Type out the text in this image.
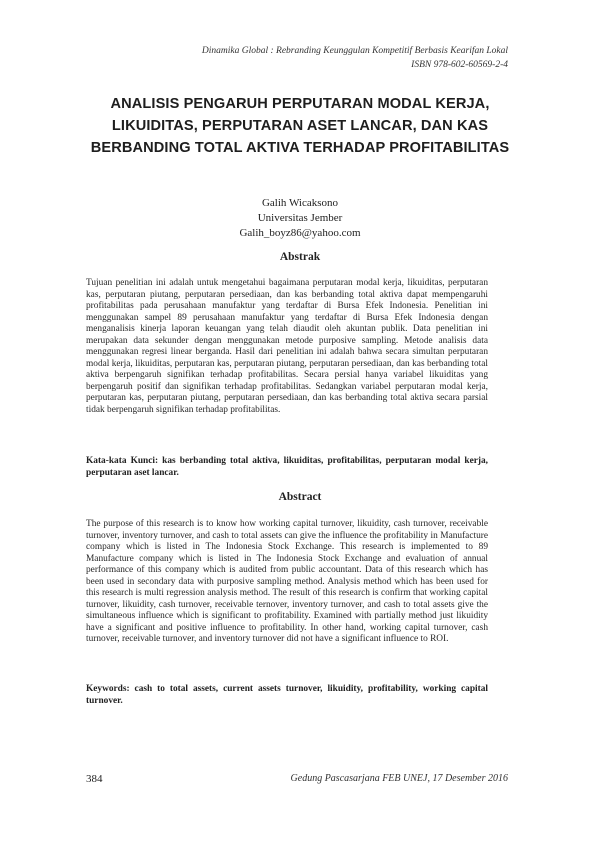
Dinamika Global : Rebranding Keunggulan Kompetitif Berbasis Kearifan Lokal
ISBN 978-602-60569-2-4
ANALISIS PENGARUH PERPUTARAN MODAL KERJA, LIKUIDITAS, PERPUTARAN ASET LANCAR, DAN KAS BERBANDING TOTAL AKTIVA TERHADAP PROFITABILITAS
Galih Wicaksono
Universitas Jember
Galih_boyz86@yahoo.com
Abstrak
Tujuan penelitian ini adalah untuk mengetahui bagaimana perputaran modal kerja, likuiditas, perputaran kas, perputaran piutang, perputaran persediaan, dan kas berbanding total aktiva dapat mempengaruhi profitabilitas pada perusahaan manufaktur yang terdaftar di Bursa Efek Indonesia. Penelitian ini menggunakan sampel 89 perusahaan manufaktur yang terdaftar di Bursa Efek Indonesia dengan menganalisis kinerja laporan keuangan yang telah diaudit oleh akuntan publik. Data penelitian ini merupakan data sekunder dengan menggunakan metode purposive sampling. Metode analisis data menggunakan regresi linear berganda. Hasil dari penelitian ini adalah bahwa secara simultan perputaran modal kerja, likuiditas, perputaran kas, perputaran piutang, perputaran persediaan, dan kas berbanding total aktiva berpengaruh signifikan terhadap profitabilitas. Secara persial hanya variabel likuiditas yang berpengaruh positif dan signifikan terhadap profitabilitas. Sedangkan variabel perputaran modal kerja, perputaran kas, perputaran piutang, perputaran persediaan, dan kas berbanding total aktiva secara parsial tidak berpengaruh signifikan terhadap profitabilitas.
Kata-kata Kunci: kas berbanding total aktiva, likuiditas, profitabilitas, perputaran modal kerja, perputaran aset lancar.
Abstract
The purpose of this research is to know how working capital turnover, likuidity, cash turnover, receivable turnover, inventory turnover, and cash to total assets can give the influence the profitability in Manufacture company which is listed in The Indonesia Stock Exchange. This research is implemented to 89 Manufacture company which is listed in The Indonesia Stock Exchange and evaluation of annual performance of this company which is audited from public accountant. Data of this research which has been used in secondary data with purposive sampling method. Analysis method which has been used for this research is multi regression analysis method. The result of this research is confirm that working capital turnover, likuidity, cash turnover, receivable ternover, inventory turnover, and cash to total assets give the simultaneous influence which is significant to profitability. Examined with partially method just likuidity have a significant and positive influence to profitability. In other hand, working capital turnover, cash turnover, receivable turnover, and inventory turnover did not have a significant influence to ROI.
Keywords: cash to total assets, current assets turnover, likuidity, profitability, working capital turnover.
384	Gedung Pascasarjana FEB UNEJ, 17 Desember 2016
